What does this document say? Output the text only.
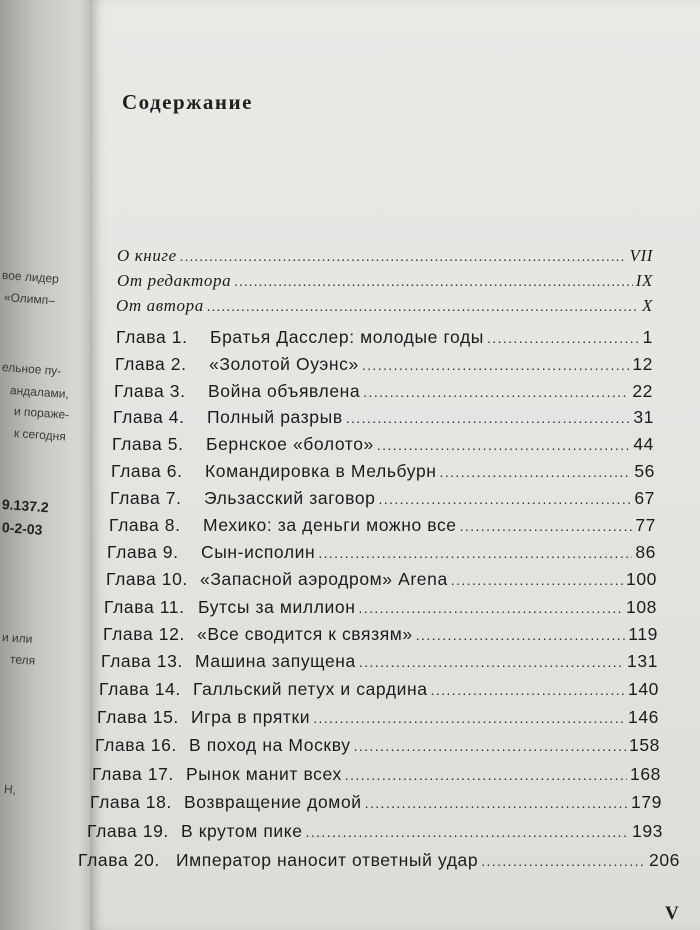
вое лидер
«Олимп–
ельное пу-
андалами,
и пораже-
к сегодня
9.137.2
0-2-03
и или
теля
Н,
Содержание
О книге .....	VII
От редактора .....	IX
От автора .....	X
Глава 1.	Братья Дасслер: молодые годы .....	1
Глава 2.	«Золотой Оуэнс» .....	12
Глава 3.	Война объявлена .....	22
Глава 4.	Полный разрыв .....	31
Глава 5.	Бернское «болото» .....	44
Глава 6.	Командировка в Мельбурн .....	56
Глава 7.	Эльзасский заговор .....	67
Глава 8.	Мехико: за деньги можно все .....	77
Глава 9.	Сын-исполин .....	86
Глава 10. «Запасной аэродром» Arena .....	100
Глава 11. Бутсы за миллион .....	108
Глава 12. «Все сводится к связям» .....	119
Глава 13. Машина запущена .....	131
Глава 14. Галльский петух и сардина .....	140
Глава 15. Игра в прятки .....	146
Глава 16. В поход на Москву .....	158
Глава 17. Рынок манит всех .....	168
Глава 18. Возвращение домой .....	179
Глава 19. В крутом пике .....	193
Глава 20. Император наносит ответный удар .....	206
V
